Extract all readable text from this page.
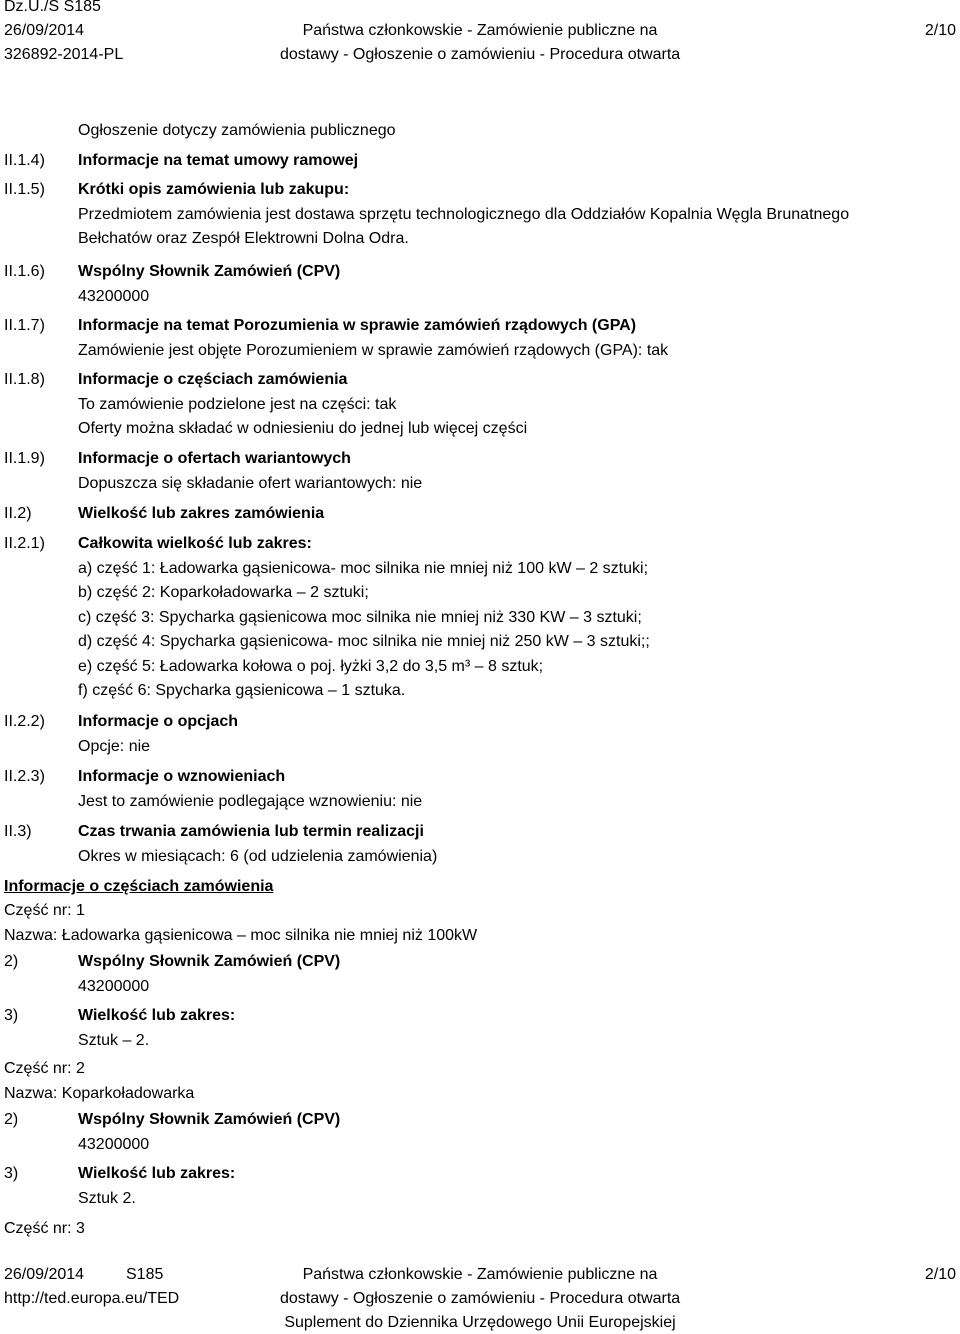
Dz.U./S S185
26/09/2014
326892-2014-PL
Państwa członkowskie - Zamówienie publiczne na
dostawy - Ogłoszenie o zamówieniu - Procedura otwarta
2/10
Ogłoszenie dotyczy zamówienia publicznego
II.1.4) Informacje na temat umowy ramowej
II.1.5) Krótki opis zamówienia lub zakupu:
Przedmiotem zamówienia jest dostawa sprzętu technologicznego dla Oddziałów Kopalnia Węgla Brunatnego
Bełchatów oraz Zespół Elektrowni Dolna Odra.
II.1.6) Wspólny Słownik Zamówień (CPV)
43200000
II.1.7) Informacje na temat Porozumienia w sprawie zamówień rządowych (GPA)
Zamówienie jest objęte Porozumieniem w sprawie zamówień rządowych (GPA): tak
II.1.8) Informacje o częściach zamówienia
To zamówienie podzielone jest na części: tak
Oferty można składać w odniesieniu do jednej lub więcej części
II.1.9) Informacje o ofertach wariantowych
Dopuszcza się składanie ofert wariantowych: nie
II.2)	Wielkość lub zakres zamówienia
II.2.1) Całkowita wielkość lub zakres:
a) część 1: Ładowarka gąsienicowa- moc silnika nie mniej niż 100 kW – 2 sztuki;
b) część 2: Koparkoładowarka – 2 sztuki;
c) część 3: Spycharka gąsienicowa moc silnika nie mniej niż 330 KW – 3 sztuki;
d) część 4: Spycharka gąsienicowa- moc silnika nie mniej niż 250 kW – 3 sztuki;;
e) część 5: Ładowarka kołowa o poj. łyżki 3,2 do 3,5 m³ – 8 sztuk;
f) część 6: Spycharka gąsienicowa – 1 sztuka.
II.2.2) Informacje o opcjach
Opcje: nie
II.2.3) Informacje o wznowieniach
Jest to zamówienie podlegające wznowieniu: nie
II.3)	Czas trwania zamówienia lub termin realizacji
Okres w miesiącach: 6 (od udzielenia zamówienia)
Informacje o częściach zamówienia
Część nr: 1
Nazwa: Ładowarka gąsienicowa – moc silnika nie mniej niż 100kW
2)	Wspólny Słownik Zamówień (CPV)
43200000
3)	Wielkość lub zakres:
Sztuk – 2.
Część nr: 2
Nazwa: Koparkoładowarka
2)	Wspólny Słownik Zamówień (CPV)
43200000
3)	Wielkość lub zakres:
Sztuk 2.
Część nr: 3
26/09/2014	S185
http://ted.europa.eu/TED
Państwa członkowskie - Zamówienie publiczne na
dostawy - Ogłoszenie o zamówieniu - Procedura otwarta
Suplement do Dziennika Urzędowego Unii Europejskiej
2/10
